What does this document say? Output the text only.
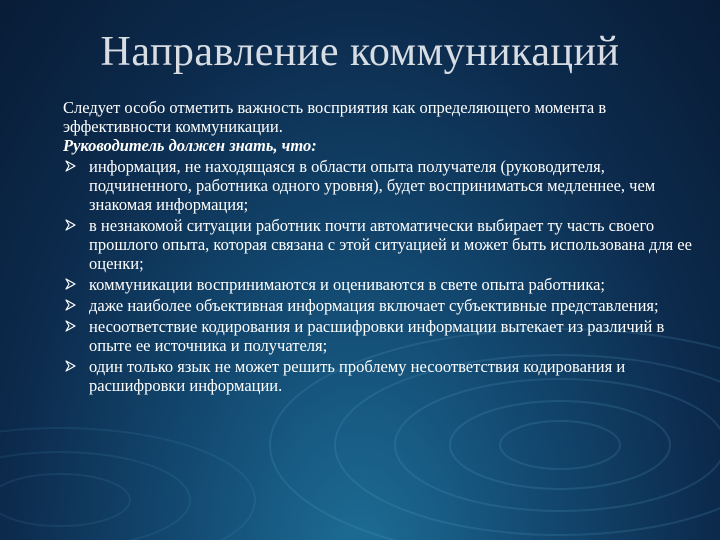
Направление коммуникаций

Следует особо отметить важность восприятия как определяющего момента в эффективности коммуникации.

Руководитель должен знать, что:

информация, не находящаяся в области опыта получателя (руководителя, подчиненного, работника одного уровня), будет восприниматься медленнее, чем знакомая информация;
в незнакомой ситуации работник почти автоматически выбирает ту часть своего прошлого опыта, которая связана с этой ситуацией и может быть использована для ее оценки;
коммуникации воспринимаются и оцениваются в свете опыта работника;
даже наиболее объективная информация включает субъективные представления;
несоответствие кодирования и расшифровки информации вытекает из различий в опыте ее источника и получателя;
один только язык не может решить проблему несоответствия кодирования и расшифровки информации.
